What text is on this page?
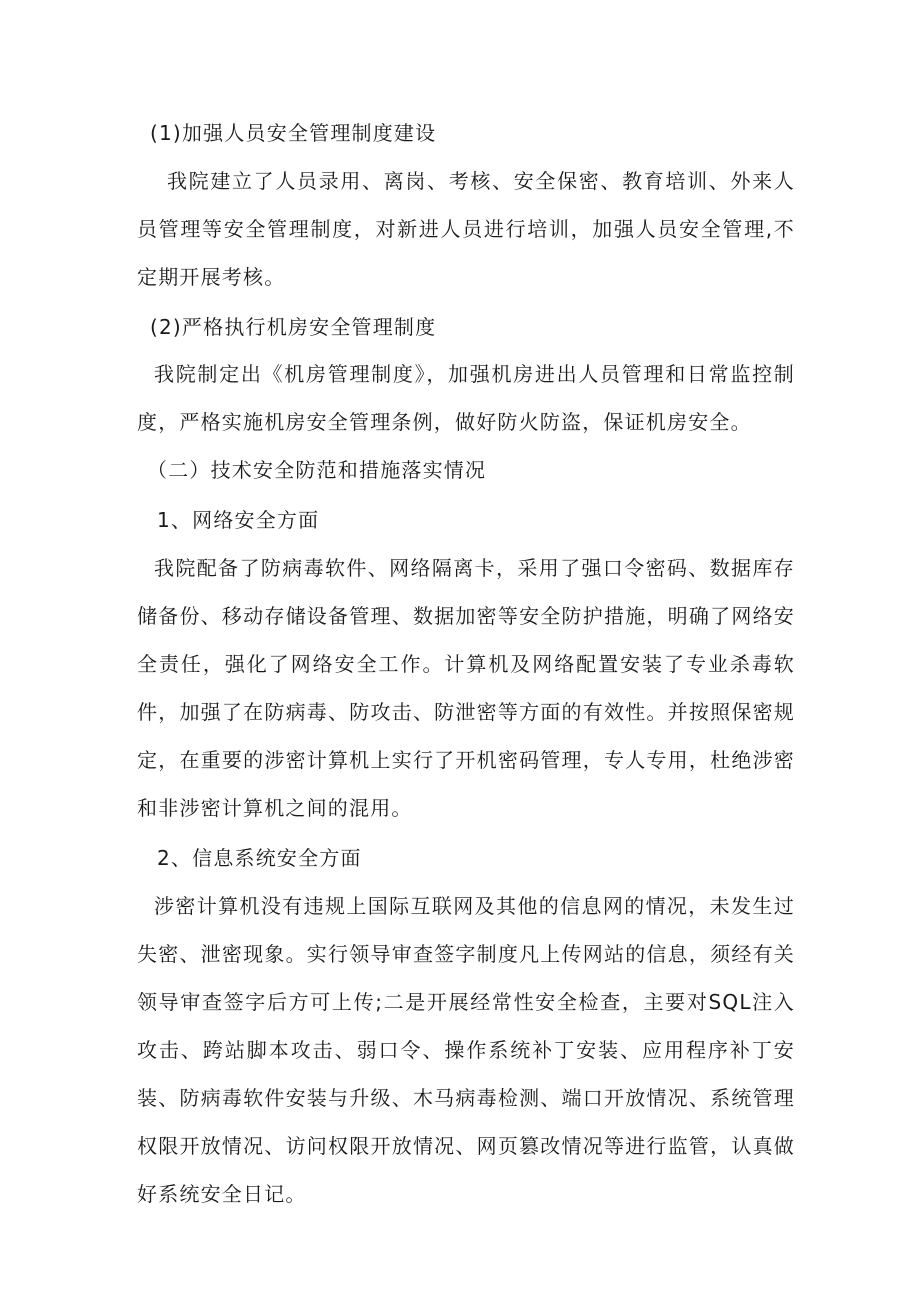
(1)加强人员安全管理制度建设

我院建立了人员录用、离岗、考核、安全保密、教育培训、外来人员管理等安全管理制度，对新进人员进行培训，加强人员安全管理,不定期开展考核。

(2)严格执行机房安全管理制度

我院制定出《机房管理制度》，加强机房进出人员管理和日常监控制度，严格实施机房安全管理条例，做好防火防盗，保证机房安全。

（二）技术安全防范和措施落实情况
1、网络安全方面

我院配备了防病毒软件、网络隔离卡，采用了强口令密码、数据库存储备份、移动存储设备管理、数据加密等安全防护措施，明确了网络安全责任，强化了网络安全工作。计算机及网络配置安装了专业杀毒软件，加强了在防病毒、防攻击、防泄密等方面的有效性。并按照保密规定，在重要的涉密计算机上实行了开机密码管理，专人专用，杜绝涉密和非涉密计算机之间的混用。

2、信息系统安全方面

涉密计算机没有违规上国际互联网及其他的信息网的情况，未发生过失密、泄密现象。实行领导审查签字制度凡上传网站的信息，须经有关领导审查签字后方可上传;二是开展经常性安全检查，主要对SQL注入攻击、跨站脚本攻击、弱口令、操作系统补丁安装、应用程序补丁安装、防病毒软件安装与升级、木马病毒检测、端口开放情况、系统管理权限开放情况、访问权限开放情况、网页篡改情况等进行监管，认真做好系统安全日记。
